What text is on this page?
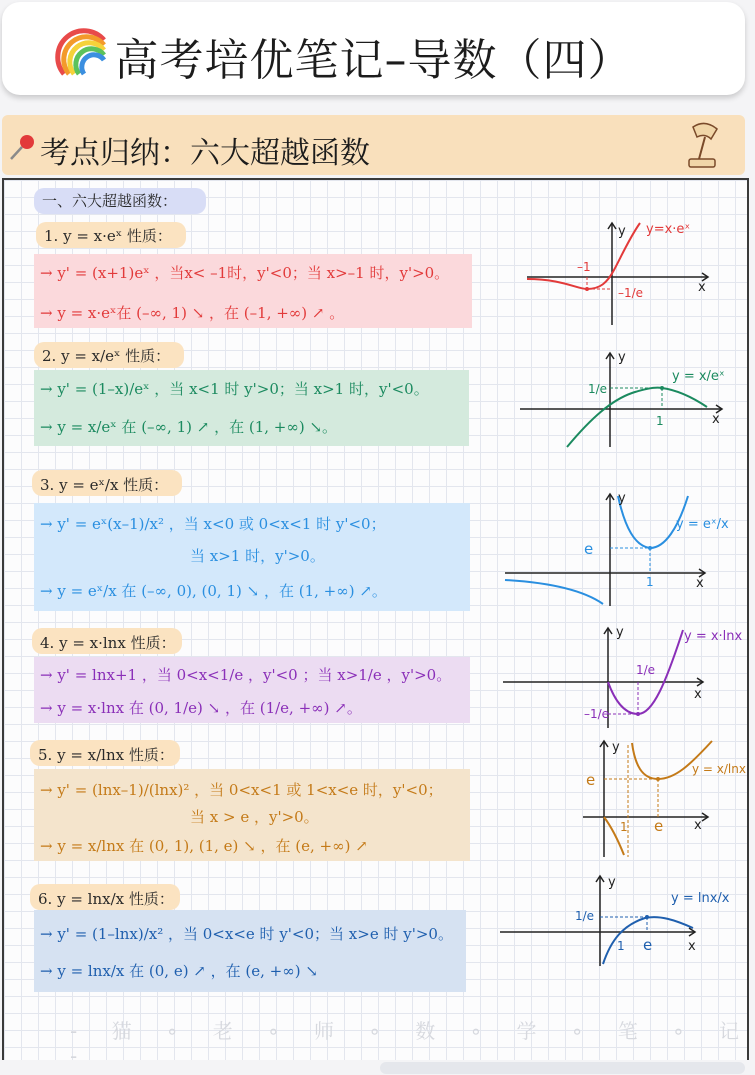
高考培优笔记–导数（四）
考点归纳：六大超越函数
一、六大超越函数：
1. y = x·eˣ 性质：
→ y' = (x+1)eˣ ，当x< –1时，y'<0；当 x>–1 时，y'>0。
→ y = x·eˣ在 (–∞, 1) ↘ ，在 (–1, +∞) ↗ 。
y
x
–1
–1/e
y=x·eˣ
2. y = x/eˣ 性质：
→ y' = (1–x)/eˣ ，当 x<1 时 y'>0；当 x>1 时，y'<0。
→ y = x/eˣ 在 (–∞, 1) ↗ ，在 (1, +∞) ↘。
y
x
1
1/e
y = x/eˣ
3. y = eˣ/x 性质：
→ y' = eˣ(x–1)/x² ，当 x<0 或 0<x<1 时 y'<0；
当 x>1 时，y'>0。
→ y = eˣ/x 在 (–∞, 0), (0, 1) ↘ ，在 (1, +∞) ↗。
y
x
1
e
y = eˣ/x
4. y = x·lnx 性质：
→ y' = lnx+1 ，当 0<x<1/e ，y'<0 ；当 x>1/e ，y'>0。
→ y = x·lnx 在 (0, 1/e) ↘ ，在 (1/e, +∞) ↗。
y
x
1/e
–1/e
y = x·lnx
5. y = x/lnx 性质：
→ y' = (lnx–1)/(lnx)² ，当 0<x<1 或 1<x<e 时，y'<0；
当 x > e ，y'>0。
→ y = x/lnx 在 (0, 1), (1, e) ↘ ，在 (e, +∞) ↗
y
x
e
1
e
y = x/lnx
6. y = lnx/x 性质：
→ y' = (1–lnx)/x² ，当 0<x<e 时 y'<0；当 x>e 时 y'>0。
→ y = lnx/x 在 (0, e) ↗ ，在 (e, +∞) ↘
y
x
e
1
1/e
y = lnx/x
- 猫 ∘ 老 ∘ 师 ∘ 数 ∘ 学 ∘ 笔 ∘ 记 -
